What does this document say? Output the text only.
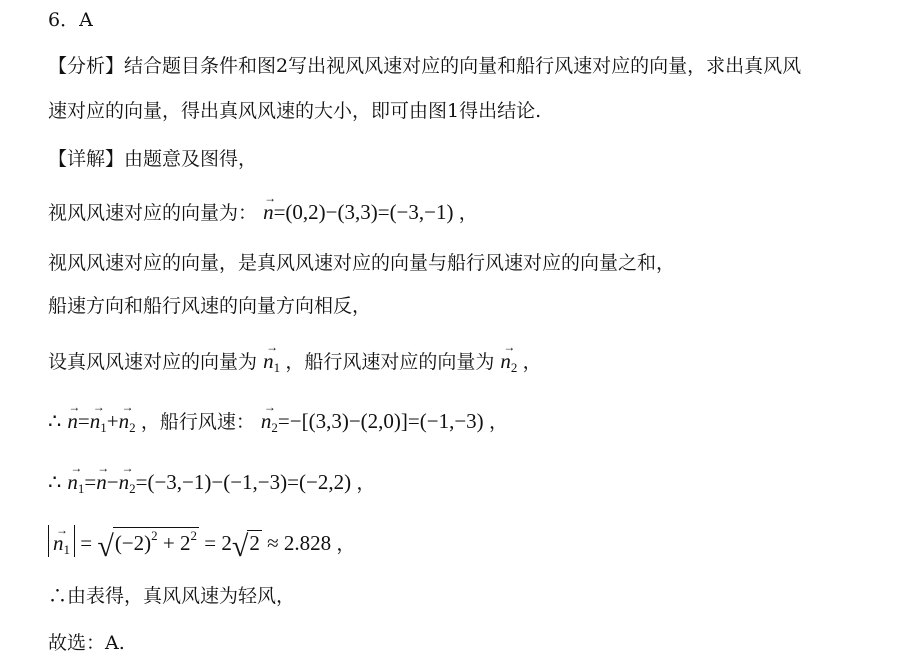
6．A
【分析】结合题目条件和图2写出视风风速对应的向量和船行风速对应的向量，求出真风风
速对应的向量，得出真风风速的大小，即可由图1得出结论.
【详解】由题意及图得，
视风风速对应的向量为：
→
n=(0,2)−(3,3)=(−3,−1) ，
视风风速对应的向量，是真风风速对应的向量与船行风速对应的向量之和，
船速方向和船行风速的向量方向相反，
设真风风速对应的向量为
→
$n_1$ ，船行风速对应的向量为
→
$n_2$ ，
∴
→
n=
→
$n_1+$
→
$n_2$ ，船行风速：
→
$n_2=-[(3,3)-(2,0)]=(-1,-3)$ ，
∴
→
$n_1=$
→
n−
→
$n_2=(-3,-1)-(-1,-3)=(-2,2)$ ，
→
$n_1 = √(-2)^2 + 2^2 = 2√2 \approx 2.828$ ，
∴由表得，真风风速为轻风，
故选：A.
